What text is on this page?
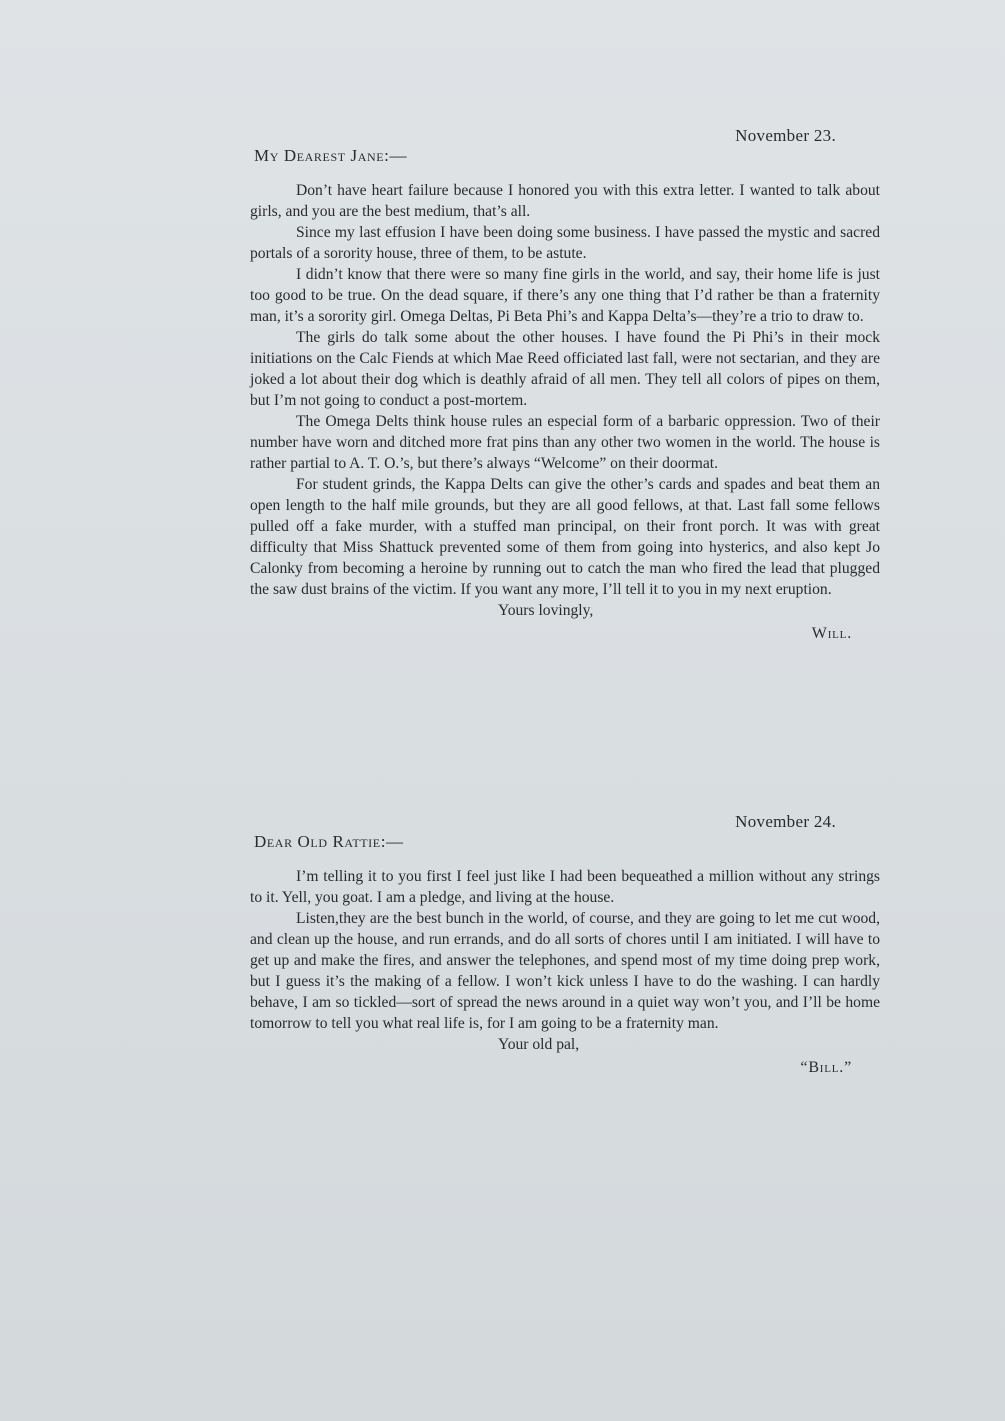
November 23.
My Dearest Jane:—

Don’t have heart failure because I honored you with this extra letter. I wanted to talk about girls, and you are the best medium, that’s all.

Since my last effusion I have been doing some business. I have passed the mystic and sacred portals of a sorority house, three of them, to be astute.

I didn’t know that there were so many fine girls in the world, and say, their home life is just too good to be true. On the dead square, if there’s any one thing that I’d rather be than a fraternity man, it’s a sorority girl. Omega Deltas, Pi Beta Phi’s and Kappa Delta’s—they’re a trio to draw to.

The girls do talk some about the other houses. I have found the Pi Phi’s in their mock initiations on the Calc Fiends at which Mae Reed officiated last fall, were not sectarian, and they are joked a lot about their dog which is deathly afraid of all men. They tell all colors of pipes on them, but I’m not going to conduct a post-mortem.

The Omega Delts think house rules an especial form of a barbaric oppression. Two of their number have worn and ditched more frat pins than any other two women in the world. The house is rather partial to A. T. O.’s, but there’s always “Welcome” on their doormat.

For student grinds, the Kappa Delts can give the other’s cards and spades and beat them an open length to the half mile grounds, but they are all good fellows, at that. Last fall some fellows pulled off a fake murder, with a stuffed man principal, on their front porch. It was with great difficulty that Miss Shattuck prevented some of them from going into hysterics, and also kept Jo Calonky from becoming a heroine by running out to catch the man who fired the lead that plugged the saw dust brains of the victim. If you want any more, I’ll tell it to you in my next eruption.

Yours lovingly,
Will.
November 24.
Dear Old Rattie:—

I’m telling it to you first I feel just like I had been bequeathed a million without any strings to it. Yell, you goat. I am a pledge, and living at the house.

Listen,they are the best bunch in the world, of course, and they are going to let me cut wood, and clean up the house, and run errands, and do all sorts of chores until I am initiated. I will have to get up and make the fires, and answer the telephones, and spend most of my time doing prep work, but I guess it’s the making of a fellow. I won’t kick unless I have to do the washing. I can hardly behave, I am so tickled—sort of spread the news around in a quiet way won’t you, and I’ll be home tomorrow to tell you what real life is, for I am going to be a fraternity man.

Your old pal,
“Bill.”
